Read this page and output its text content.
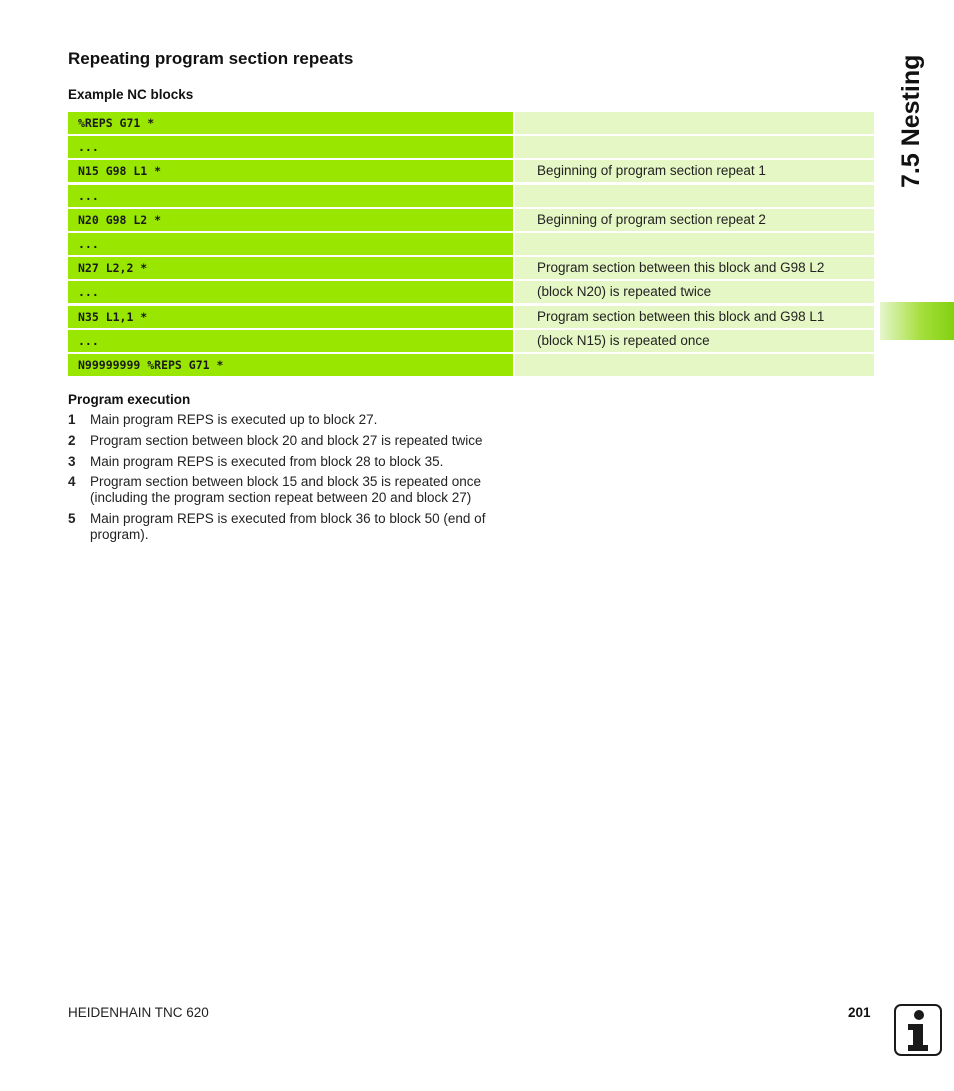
Repeating program section repeats
Example NC blocks
%REPS G71 *
...
N15 G98 L1 *	Beginning of program section repeat 1
...
N20 G98 L2 *	Beginning of program section repeat 2
...
N27 L2,2 *	Program section between this block and G98 L2
...	(block N20) is repeated twice
N35 L1,1 *	Program section between this block and G98 L1
...	(block N15) is repeated once
N99999999 %REPS G71 *
Program execution
1	Main program REPS is executed up to block 27.
2	Program section between block 20 and block 27 is repeated twice
3	Main program REPS is executed from block 28 to block 35.
4	Program section between block 15 and block 35 is repeated once (including the program section repeat between 20 and block 27)
5	Main program REPS is executed from block 36 to block 50 (end of program).
7.5 Nesting
HEIDENHAIN TNC 620	201
